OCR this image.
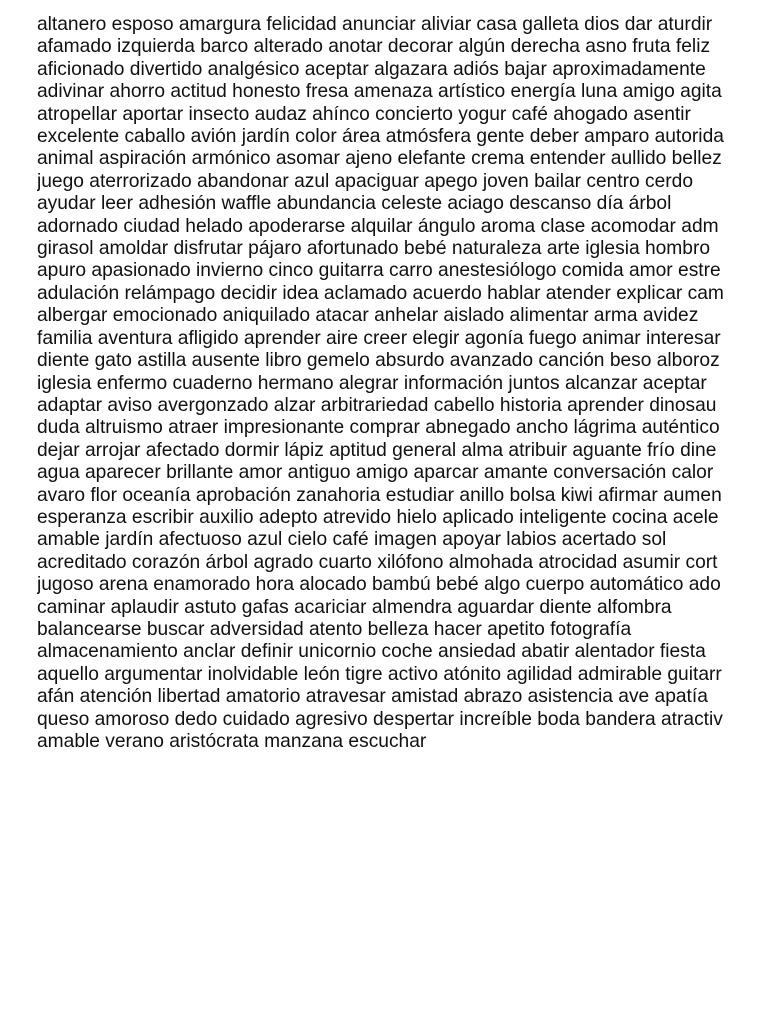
altanero esposo amargura felicidad anunciar aliviar casa galleta dios dar aturdir
afamado izquierda barco alterado anotar decorar algún derecha asno fruta feliz
aficionado divertido analgésico aceptar algazara adiós bajar aproximadamente
adivinar ahorro actitud honesto fresa amenaza artístico energía luna amigo agita
atropellar aportar insecto audaz ahínco concierto yogur café ahogado asentir
excelente caballo avión jardín color área atmósfera gente deber amparo autorida
animal aspiración armónico asomar ajeno elefante crema entender aullido bellez
juego aterrorizado abandonar azul apaciguar apego joven bailar centro cerdo
ayudar leer adhesión waffle abundancia celeste aciago descanso día árbol
adornado ciudad helado apoderarse alquilar ángulo aroma clase acomodar adm
girasol amoldar disfrutar pájaro afortunado bebé naturaleza arte iglesia hombro
apuro apasionado invierno cinco guitarra carro anestesiólogo comida amor estre
adulación relámpago decidir idea aclamado acuerdo hablar atender explicar cam
albergar emocionado aniquilado atacar anhelar aislado alimentar arma avidez
familia aventura afligido aprender aire creer elegir agonía fuego animar interesar
diente gato astilla ausente libro gemelo absurdo avanzado canción beso alboroz
iglesia enfermo cuaderno hermano alegrar información juntos alcanzar aceptar
adaptar aviso avergonzado alzar arbitrariedad cabello historia aprender dinosau
duda altruismo atraer impresionante comprar abnegado ancho lágrima auténtico
dejar arrojar afectado dormir lápiz aptitud general alma atribuir aguante frío dine
agua aparecer brillante amor antiguo amigo aparcar amante conversación calor
avaro flor oceanía aprobación zanahoria estudiar anillo bolsa kiwi afirmar aumen
esperanza escribir auxilio adepto atrevido hielo aplicado inteligente cocina acele
amable jardín afectuoso azul cielo café imagen apoyar labios acertado sol
acreditado corazón árbol agrado cuarto xilófono almohada atrocidad asumir cort
jugoso arena enamorado hora alocado bambú bebé algo cuerpo automático ado
caminar aplaudir astuto gafas acariciar almendra aguardar diente alfombra
balancearse buscar adversidad atento belleza hacer apetito fotografía
almacenamiento anclar definir unicornio coche ansiedad abatir alentador fiesta
aquello argumentar inolvidable león tigre activo atónito agilidad admirable guitarr
afán atención libertad amatorio atravesar amistad abrazo asistencia ave apatía
queso amoroso dedo cuidado agresivo despertar increíble boda bandera atractiv
amable verano aristócrata manzana escuchar
